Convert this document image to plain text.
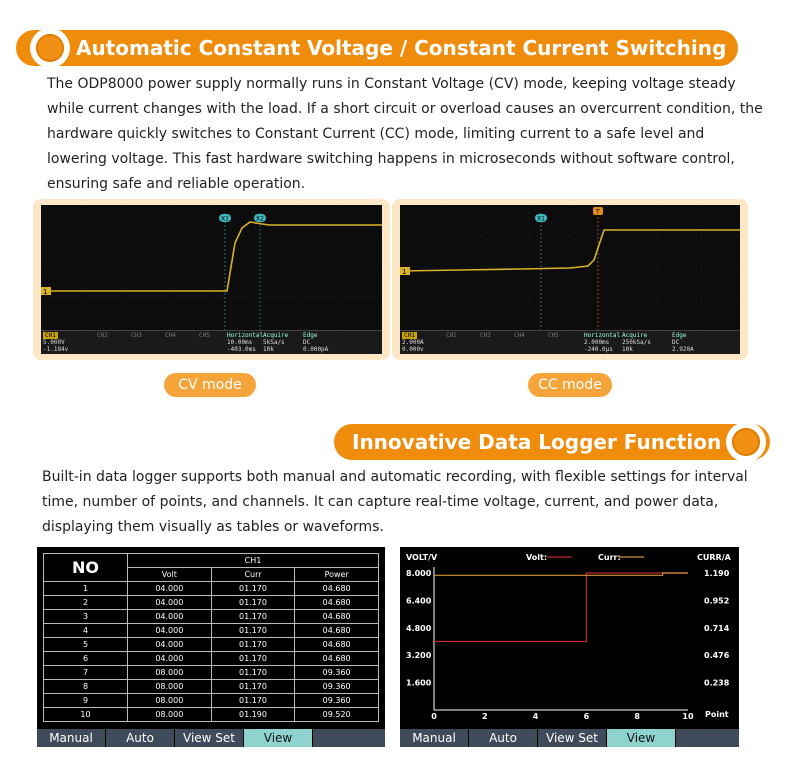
Automatic Constant Voltage / Constant Current Switching
The ODP8000 power supply normally runs in Constant Voltage (CV) mode, keeping voltage steady while current changes with the load. If a short circuit or overload causes an overcurrent condition, the hardware quickly switches to Constant Current (CC) mode, limiting current to a safe level and lowering voltage. This fast hardware switching happens in microseconds without software control, ensuring safe and reliable operation.
1
X1	X2
CH1
5.000V
-1.184v
CH2	CH3	CH4	CH5	Horizontal
10.00ms
-403.0ms
Acquire
5kSa/s
10k
Edge
DC
0.000pA
1
X1
T
CH1
2.000A
0.000v
CH2	CH3	CH4	CH5	Horizontal
2.000ms
-240.0μs
Acquire
250kSa/s
10k
Edge
DC
2.920A
CV mode	CC mode
Innovative Data Logger Function
Built-in data logger supports both manual and automatic recording, with flexible settings for interval time, number of points, and channels. It can capture real-time voltage, current, and power data, displaying them visually as tables or waveforms.
NO	CH1		
	Volt	Curr	Power
1	04.000	01.170	04.680
2	04.000	01.170	04.680
3	04.000	01.170	04.680
4	04.000	01.170	04.680
5	04.000	01.170	04.680
6	04.000	01.170	04.680
7	08.000	01.170	09.360
8	08.000	01.170	09.360
9	08.000	01.170	09.360
10	08.000	01.190	09.520
Manual	Auto	View Set	View
VOLT/V	CURR/A
Point
Volt:	Curr:
0	2	4	6	8	10
8.000
6.400
4.800
3.200
1.600
1.190
0.952
0.714
0.476
0.238
Manual	Auto	View Set	View
